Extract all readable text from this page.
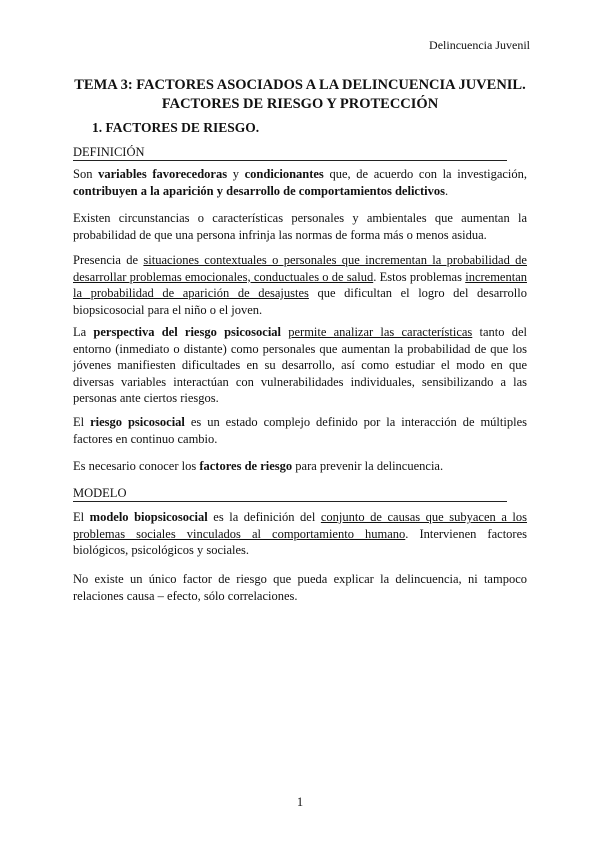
Delincuencia Juvenil
TEMA 3: FACTORES ASOCIADOS A LA DELINCUENCIA JUVENIL.
FACTORES DE RIESGO Y PROTECCIÓN
1. FACTORES DE RIESGO.
DEFINICIÓN
Son variables favorecedoras y condicionantes que, de acuerdo con la investigación, contribuyen a la aparición y desarrollo de comportamientos delictivos.
Existen circunstancias o características personales y ambientales que aumentan la probabilidad de que una persona infrinja las normas de forma más o menos asidua.
Presencia de situaciones contextuales o personales que incrementan la probabilidad de desarrollar problemas emocionales, conductuales o de salud. Estos problemas incrementan la probabilidad de aparición de desajustes que dificultan el logro del desarrollo biopsicosocial para el niño o el joven.
La perspectiva del riesgo psicosocial permite analizar las características tanto del entorno (inmediato o distante) como personales que aumentan la probabilidad de que los jóvenes manifiesten dificultades en su desarrollo, así como estudiar el modo en que diversas variables interactúan con vulnerabilidades individuales, sensibilizando a las personas ante ciertos riesgos.
El riesgo psicosocial es un estado complejo definido por la interacción de múltiples factores en continuo cambio.
Es necesario conocer los factores de riesgo para prevenir la delincuencia.
MODELO
El modelo biopsicosocial es la definición del conjunto de causas que subyacen a los problemas sociales vinculados al comportamiento humano. Intervienen factores biológicos, psicológicos y sociales.
No existe un único factor de riesgo que pueda explicar la delincuencia, ni tampoco relaciones causa – efecto, sólo correlaciones.
1
